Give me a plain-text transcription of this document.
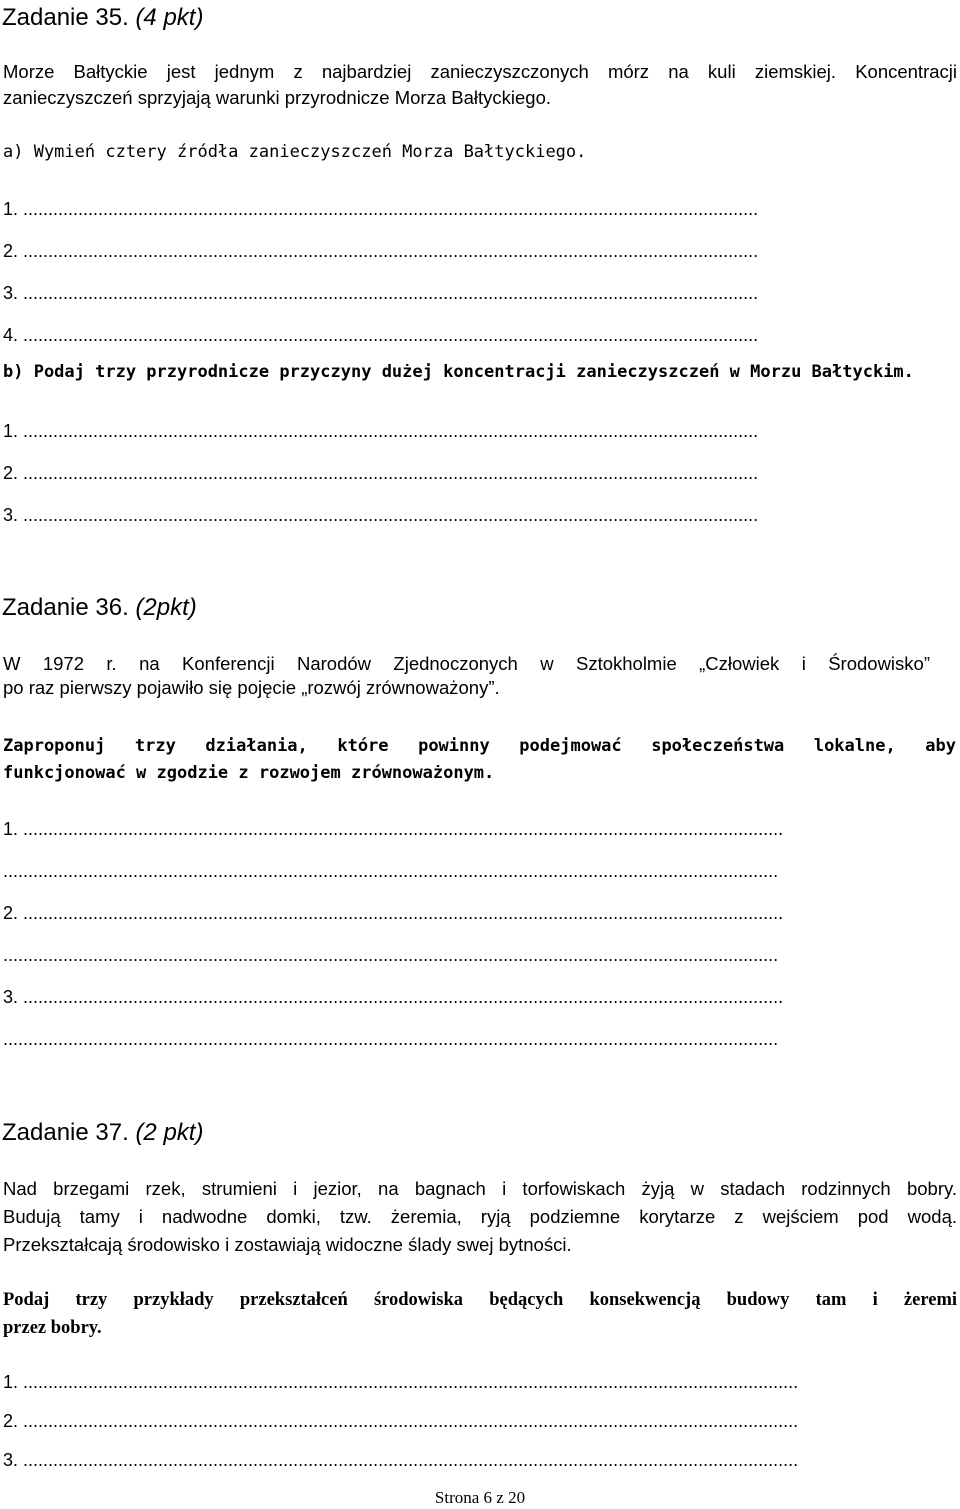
Zadanie 35. (4 pkt)
Morze Bałtyckie jest jednym z najbardziej zanieczyszczonych mórz na kuli ziemskiej. Koncentracji
zanieczyszczeń sprzyjają warunki przyrodnicze Morza Bałtyckiego.
a) Wymień cztery źródła zanieczyszczeń Morza Bałtyckiego.
1. ...................................................................................................................................................
2. ...................................................................................................................................................
3. ...................................................................................................................................................
4. ...................................................................................................................................................
b) Podaj trzy przyrodnicze przyczyny dużej koncentracji zanieczyszczeń w Morzu Bałtyckim.
1. ...................................................................................................................................................
2. ...................................................................................................................................................
3. ...................................................................................................................................................
Zadanie 36. (2pkt)
W 1972 r. na Konferencji Narodów Zjednoczonych w Sztokholmie „Człowiek i Środowisko”
po raz pierwszy pojawiło się pojęcie „rozwój zrównoważony”.
Zaproponuj trzy działania, które powinny podejmować społeczeństwa lokalne, aby
funkcjonować w zgodzie z rozwojem zrównoważonym.
1. ........................................................................................................................................................
...........................................................................................................................................................
2. ........................................................................................................................................................
...........................................................................................................................................................
3. ........................................................................................................................................................
...........................................................................................................................................................
Zadanie 37. (2 pkt)
Nad brzegami rzek, strumieni i jezior, na bagnach i torfowiskach żyją w stadach rodzinnych bobry.
Budują tamy i nadwodne domki, tzw. żeremia, ryją podziemne korytarze z wejściem pod wodą.
Przekształcają środowisko i zostawiają widoczne ślady swej bytności.
Podaj trzy przykłady przekształceń środowiska będących konsekwencją budowy tam i żeremi
przez bobry.
1. ...........................................................................................................................................................
2. ...........................................................................................................................................................
3. ...........................................................................................................................................................
Strona 6 z 20
